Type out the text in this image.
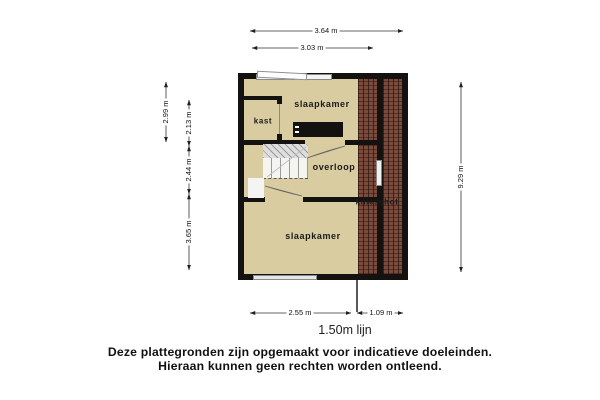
slaapkamer
kast
overloop
knieschot
slaapkamer
3.64 m
3.03 m
2.99 m 2.13 m
2.44 m
3.65 m
9.29 m
2.55 m	1.09 m
1.50m lijn
Deze plattegronden zijn opgemaakt voor indicatieve doeleinden.
Hieraan kunnen geen rechten worden ontleend.
